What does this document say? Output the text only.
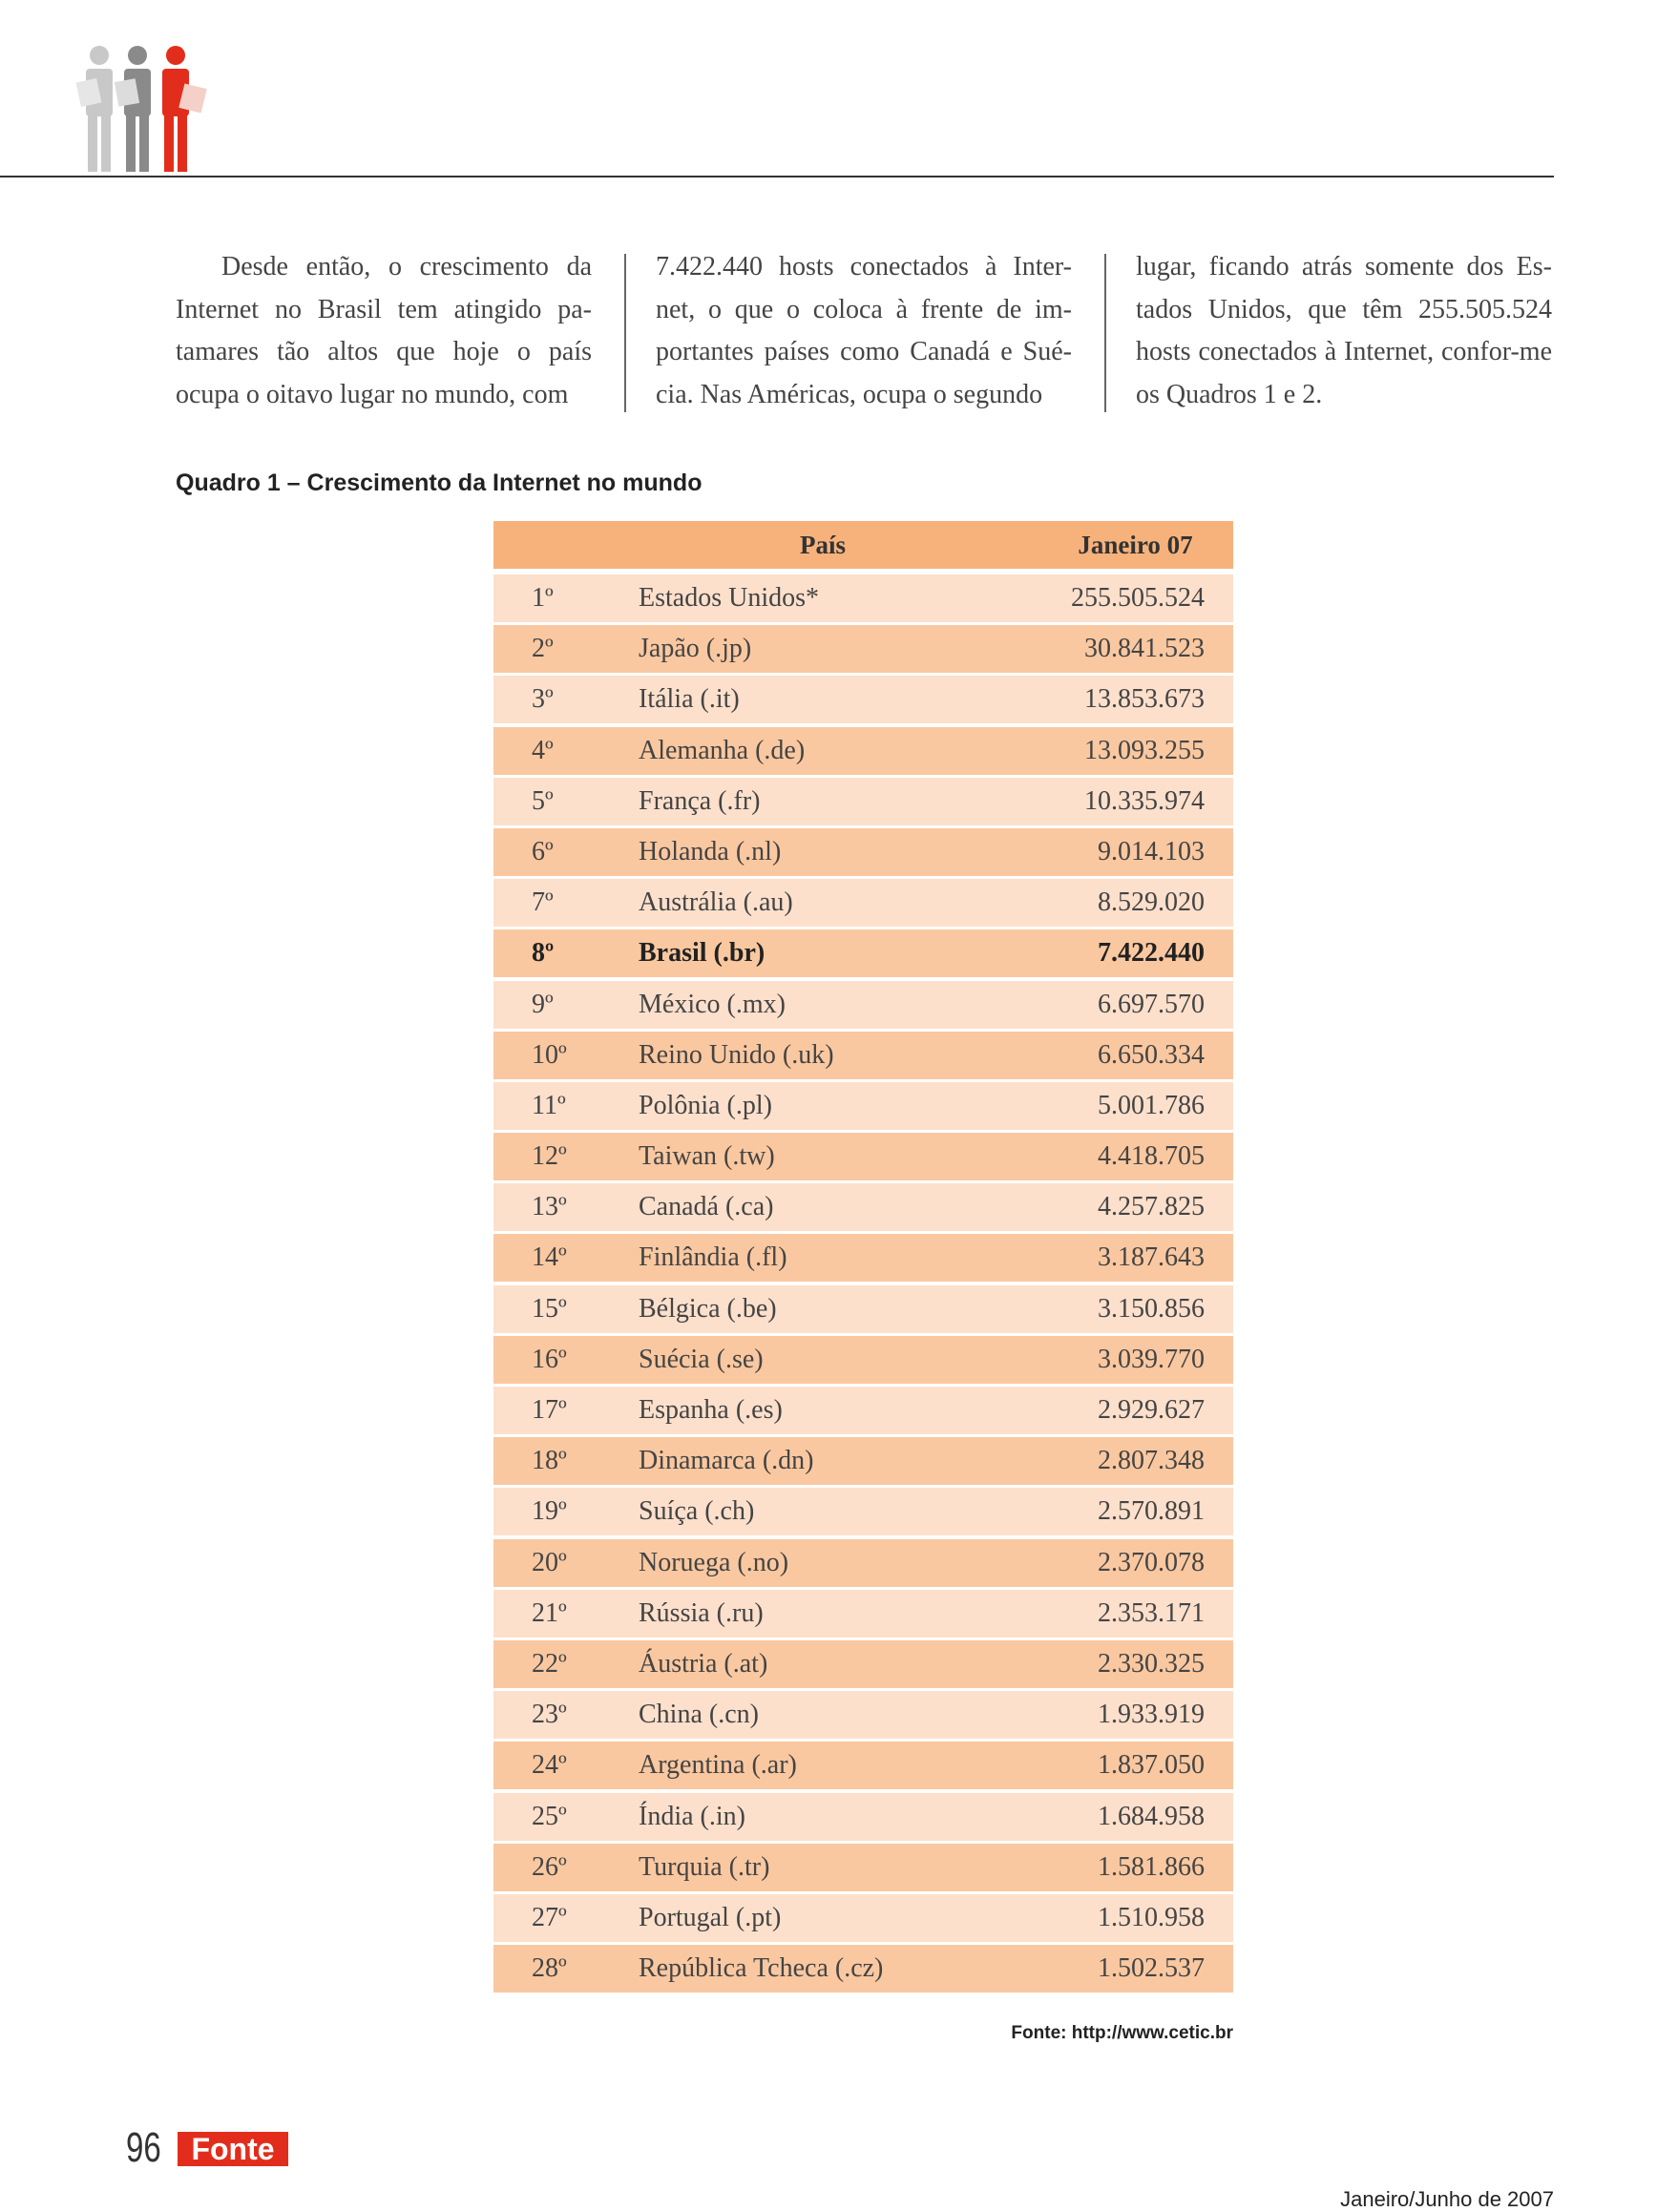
Desde então, o crescimento da Internet no Brasil tem atingido pa-tamares tão altos que hoje o país ocupa o oitavo lugar no mundo, com
7.422.440 hosts conectados à Inter-net, o que o coloca à frente de im-portantes países como Canadá e Sué-cia. Nas Américas, ocupa o segundo
lugar, ficando atrás somente dos Es-tados Unidos, que têm 255.505.524 hosts conectados à Internet, confor-me os Quadros 1 e 2.
Quadro 1 – Crescimento da Internet no mundo
País	Janeiro 07
1º	Estados Unidos*	255.505.524
2º	Japão (.jp)	30.841.523
3º	Itália (.it)	13.853.673
4º	Alemanha (.de)	13.093.255
5º	França (.fr)	10.335.974
6º	Holanda (.nl)	9.014.103
7º	Austrália (.au)	8.529.020
8º	Brasil (.br)	7.422.440
9º	México (.mx)	6.697.570
10º	Reino Unido (.uk)	6.650.334
11º	Polônia (.pl)	5.001.786
12º	Taiwan (.tw)	4.418.705
13º	Canadá (.ca)	4.257.825
14º	Finlândia (.fl)	3.187.643
15º	Bélgica (.be)	3.150.856
16º	Suécia (.se)	3.039.770
17º	Espanha (.es)	2.929.627
18º	Dinamarca (.dn)	2.807.348
19º	Suíça (.ch)	2.570.891
20º	Noruega (.no)	2.370.078
21º	Rússia (.ru)	2.353.171
22º	Áustria (.at)	2.330.325
23º	China (.cn)	1.933.919
24º	Argentina (.ar)	1.837.050
25º	Índia (.in)	1.684.958
26º	Turquia (.tr)	1.581.866
27º	Portugal (.pt)	1.510.958
28º	República Tcheca (.cz)	1.502.537
Fonte: http://www.cetic.br
96 Fonte
Janeiro/Junho de 2007
